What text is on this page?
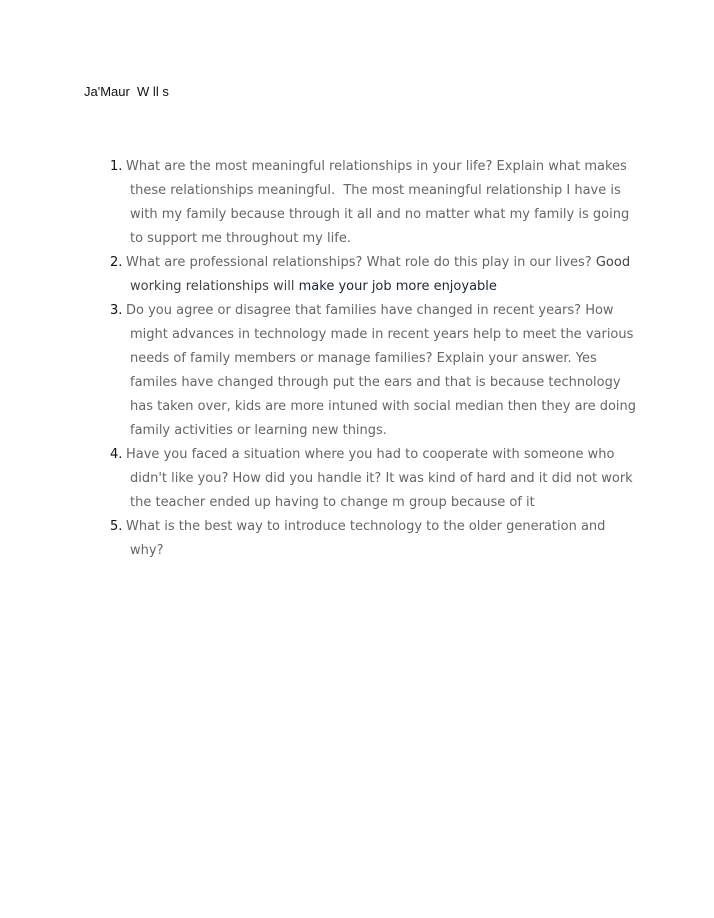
Ja'Maur  W ll s
1. What are the most meaningful relationships in your life? Explain what makes these relationships meaningful. The most meaningful relationship I have is with my family because through it all and no matter what my family is going to support me throughout my life.
2. What are professional relationships? What role do this play in our lives? Good working relationships will make your job more enjoyable
3. Do you agree or disagree that families have changed in recent years? How might advances in technology made in recent years help to meet the various needs of family members or manage families? Explain your answer. Yes familes have changed through put the ears and that is because technology has taken over, kids are more intuned with social median then they are doing family activities or learning new things.
4. Have you faced a situation where you had to cooperate with someone who didn't like you? How did you handle it? It was kind of hard and it did not work the teacher ended up having to change m group because of it
5. What is the best way to introduce technology to the older generation and why?
